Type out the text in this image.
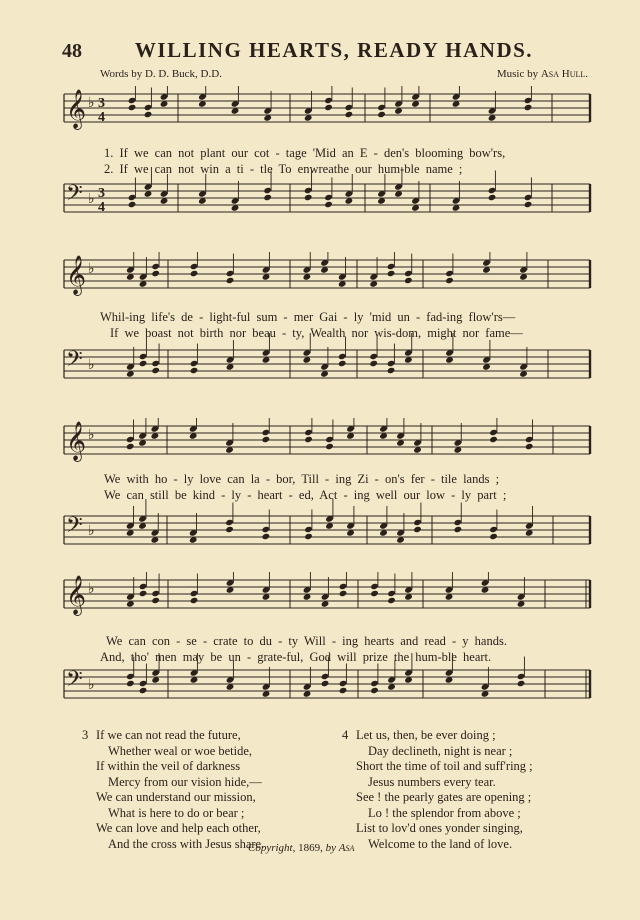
48	WILLING HEARTS, READY HANDS.
Words by D. D. Buck, D.D.	Music by Asa Hull.
𝄞 ♭ 3
4
𝄢 ♭ 3
4
1. If we can not plant our cot - tage 'Mid an E - den's blooming bow'rs,
2. If we can not win a ti - tle To enwreathe our hum-ble name ;
𝄞 ♭
𝄢 ♭
Whil-ing life's de - light-ful sum - mer Gai - ly 'mid un - fad-ing flow'rs—
If we boast not birth nor beau - ty, Wealth nor wis-dom, might nor fame—
𝄞 ♭
𝄢 ♭
We with ho - ly love can la - bor, Till - ing Zi - on's fer - tile lands ;
We can still be kind - ly - heart - ed, Act - ing well our low - ly part ;
𝄞 ♭
𝄢 ♭
We can con - se - crate to du - ty Will - ing hearts and read - y hands.
And, tho' men may be un - grate-ful, God will prize the hum-ble heart.
3 If we can not read the future,
Whether weal or woe betide,
If within the veil of darkness
Mercy from our vision hide,—
We can understand our mission,
What is here to do or bear ;
We can love and help each other,
And the cross with Jesus share.
4 Let us, then, be ever doing ;
Day declineth, night is near ;
Short the time of toil and suff'ring ;
Jesus numbers every tear.
See ! the pearly gates are opening ;
Lo ! the splendor from above ;
List to lov'd ones yonder singing,
Welcome to the land of love.
Copyright, 1869, by Asa
